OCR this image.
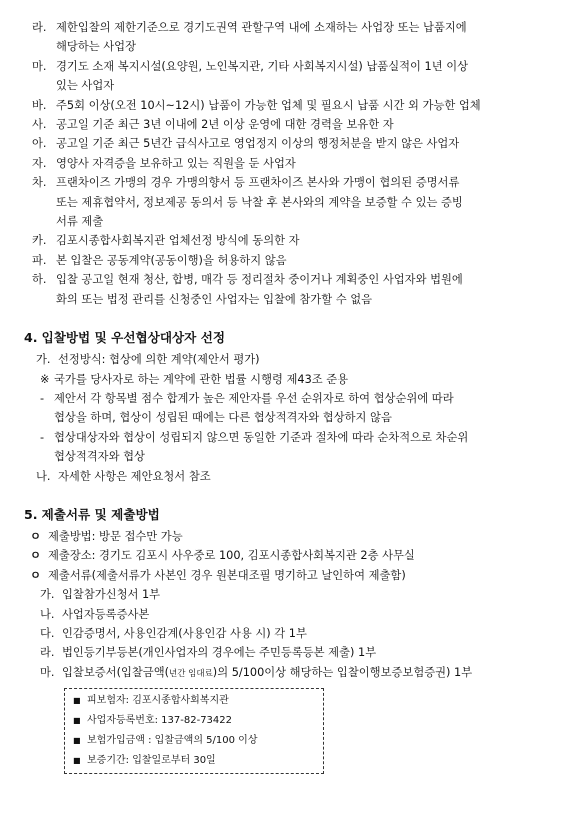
라. 제한입찰의 제한기준으로 경기도권역 관할구역 내에 소재하는 사업장 또는 납품지에
해당하는 사업장
마. 경기도 소재 복지시설(요양원, 노인복지관, 기타 사회복지시설) 납품실적이 1년 이상
있는 사업자
바. 주5회 이상(오전 10시~12시) 납품이 가능한 업체 및 필요시 납품 시간 외 가능한 업체
사. 공고일 기준 최근 3년 이내에 2년 이상 운영에 대한 경력을 보유한 자
아. 공고일 기준 최근 5년간 급식사고로 영업정지 이상의 행정처분을 받지 않은 사업자
자. 영양사 자격증을 보유하고 있는 직원을 둔 사업자
차. 프랜차이즈 가맹의 경우 가맹의향서 등 프랜차이즈 본사와 가맹이 협의된 증명서류
또는 제휴협약서, 정보제공 동의서 등 낙찰 후 본사와의 계약을 보증할 수 있는 증빙
서류 제출
카. 김포시종합사회복지관 업체선정 방식에 동의한 자
파. 본 입찰은 공동계약(공동이행)을 허용하지 않음
하. 입찰 공고일 현재 청산, 합병, 매각 등 정리절차 중이거나 계획중인 사업자와 법원에
화의 또는 법정 관리를 신청중인 사업자는 입찰에 참가할 수 없음
4. 입찰방법 및 우선협상대상자 선정
가. 선정방식: 협상에 의한 계약(제안서 평가)
※ 국가를 당사자로 하는 계약에 관한 법률 시행령 제43조 준용
- 제안서 각 항목별 점수 합계가 높은 제안자를 우선 순위자로 하여 협상순위에 따라
협상을 하며, 협상이 성립된 때에는 다른 협상적격자와 협상하지 않음
- 협상대상자와 협상이 성립되지 않으면 동일한 기준과 절차에 따라 순차적으로 차순위
협상적격자와 협상
나. 자세한 사항은 제안요청서 참조
5. 제출서류 및 제출방법
ㅇ 제출방법: 방문 접수만 가능
ㅇ 제출장소: 경기도 김포시 사우중로 100, 김포시종합사회복지관 2층 사무실
ㅇ 제출서류(제출서류가 사본인 경우 원본대조필 명기하고 날인하여 제출함)
가. 입찰참가신청서 1부
나. 사업자등록증사본
다. 인감증명서, 사용인감계(사용인감 사용 시) 각 1부
라. 법인등기부등본(개인사업자의 경우에는 주민등록등본 제출) 1부
마. 입찰보증서(입찰금액(년간 임대료)의 5/100이상 해당하는 입찰이행보증보험증권) 1부
■ 피보험자: 김포시종합사회복지관
■ 사업자등록번호: 137-82-73422
■ 보험가입금액 : 입찰금액의 5/100 이상
■ 보증기간: 입찰일로부터 30일
